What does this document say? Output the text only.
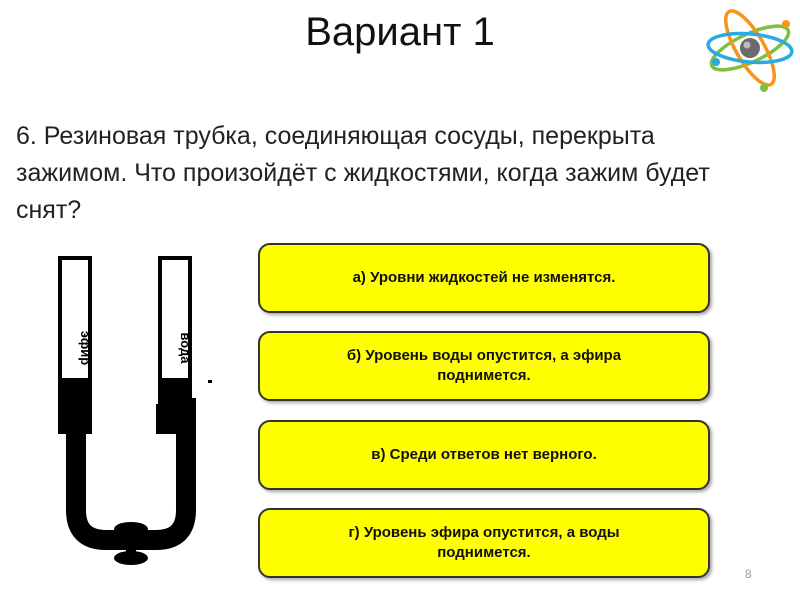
Вариант 1
6. Резиновая трубка, соединяющая сосуды, перекрыта зажимом. Что произойдёт с жидкостями, когда зажим будет снят?
эфир	вода
а) Уровни жидкостей не изменятся.
б) Уровень воды опустится, а эфира поднимется.
в) Среди ответов нет верного.
г) Уровень эфира опустится, а воды поднимется.
8
